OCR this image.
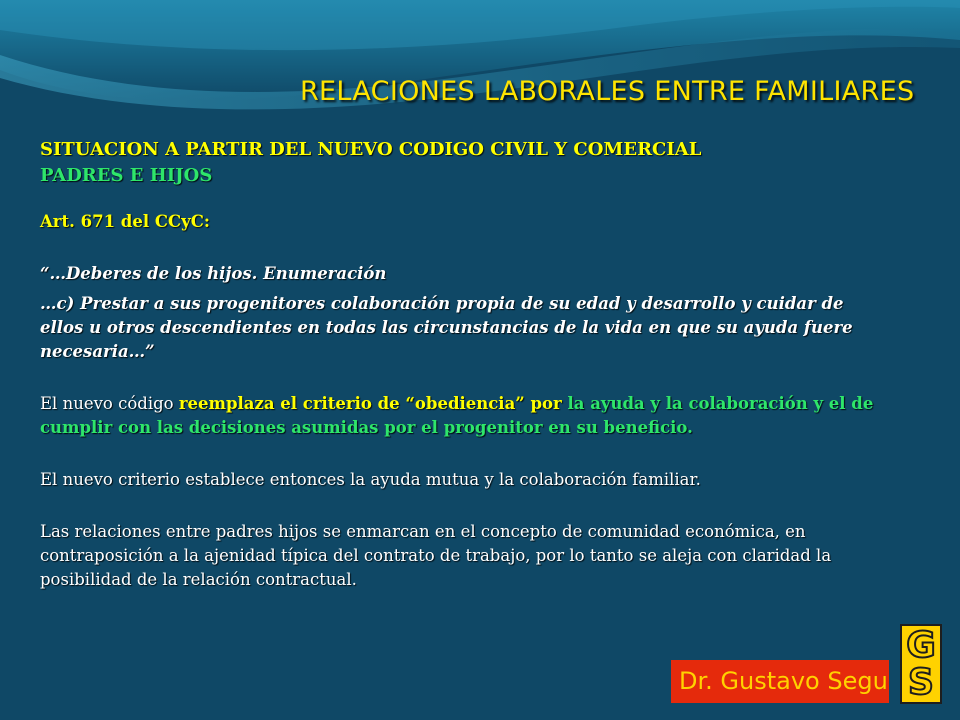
RELACIONES LABORALES ENTRE FAMILIARES

SITUACION A PARTIR DEL NUEVO CODIGO CIVIL Y COMERCIAL

PADRES E HIJOS

Art. 671 del CCyC:

“…Deberes de los hijos. Enumeración

…c) Prestar a sus progenitores colaboración propia de su edad y desarrollo y cuidar de ellos u otros descendientes en todas las circunstancias de la vida en que su ayuda fuere necesaria…”

El nuevo código reemplaza el criterio de “obediencia” por la ayuda y la colaboración y el de cumplir con las decisiones asumidas por el progenitor en su beneficio.

El nuevo criterio establece entonces la ayuda mutua y la colaboración familiar.

Las relaciones entre padres hijos se enmarcan en el concepto de comunidad económica, en contraposición a la ajenidad típica del contrato de trabajo, por lo tanto se aleja con claridad la posibilidad de la relación contractual.

Dr. Gustavo Segu
G
S
